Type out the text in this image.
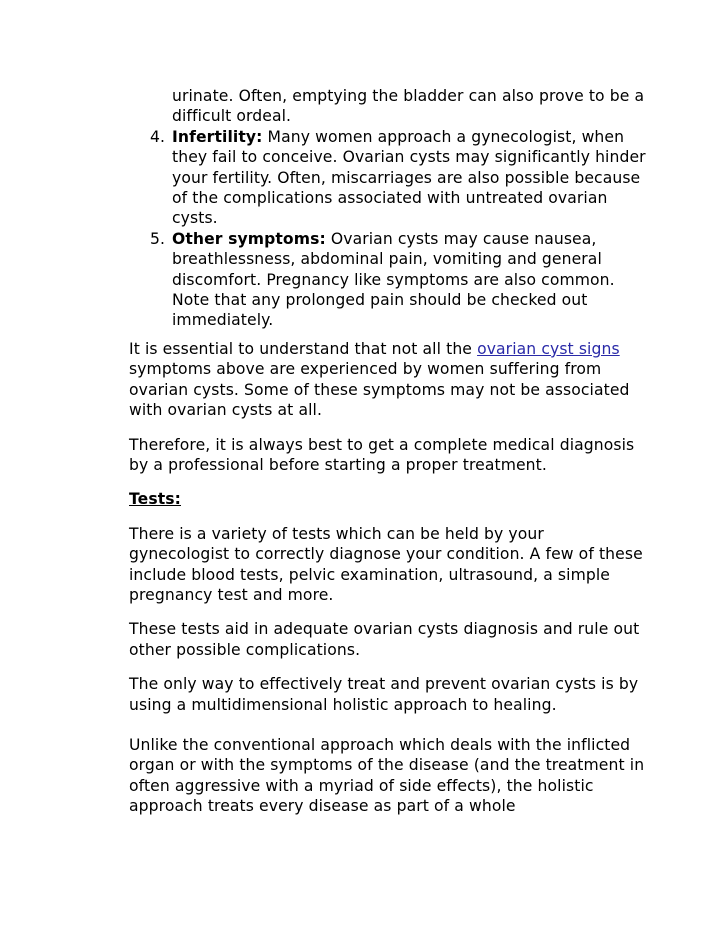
urinate. Often, emptying the bladder can also prove to be a difficult ordeal.
4. Infertility: Many women approach a gynecologist, when they fail to conceive. Ovarian cysts may significantly hinder your fertility. Often, miscarriages are also possible because of the complications associated with untreated ovarian cysts.
5. Other symptoms: Ovarian cysts may cause nausea, breathlessness, abdominal pain, vomiting and general discomfort. Pregnancy like symptoms are also common. Note that any prolonged pain should be checked out immediately.

It is essential to understand that not all the ovarian cyst signs symptoms above are experienced by women suffering from ovarian cysts. Some of these symptoms may not be associated with ovarian cysts at all.

Therefore, it is always best to get a complete medical diagnosis by a professional before starting a proper treatment.

Tests:

There is a variety of tests which can be held by your gynecologist to correctly diagnose your condition. A few of these include blood tests, pelvic examination, ultrasound, a simple pregnancy test and more.

These tests aid in adequate ovarian cysts diagnosis and rule out other possible complications.

The only way to effectively treat and prevent ovarian cysts is by using a multidimensional holistic approach to healing.

Unlike the conventional approach which deals with the inflicted organ or with the symptoms of the disease (and the treatment in often aggressive with a myriad of side effects), the holistic approach treats every disease as part of a whole
